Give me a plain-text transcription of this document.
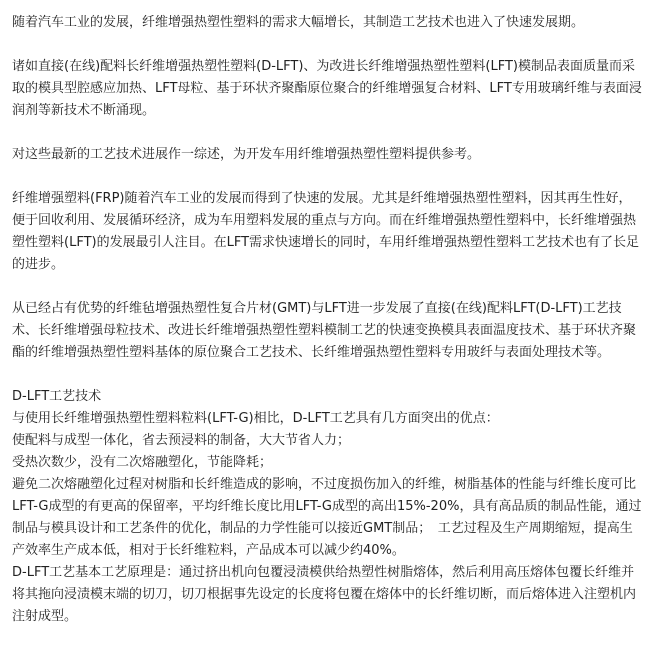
随着汽车工业的发展，纤维增强热塑性塑料的需求大幅增长，其制造工艺技术也进入了快速发展期。

诸如直接(在线)配料长纤维增强热塑性塑料(D-LFT)、为改进长纤维增强热塑性塑料(LFT)模制品表面质量而采取的模具型腔感应加热、LFT母粒、基于环状齐聚酯原位聚合的纤维增强复合材料、LFT专用玻璃纤维与表面浸润剂等新技术不断涌现。

对这些最新的工艺技术进展作一综述，为开发车用纤维增强热塑性塑料提供参考。

纤维增强塑料(FRP)随着汽车工业的发展而得到了快速的发展。尤其是纤维增强热塑性塑料，因其再生性好，便于回收利用、发展循环经济，成为车用塑料发展的重点与方向。而在纤维增强热塑性塑料中，长纤维增强热塑性塑料(LFT)的发展最引人注目。在LFT需求快速增长的同时，车用纤维增强热塑性塑料工艺技术也有了长足的进步。

从已经占有优势的纤维毡增强热塑性复合片材(GMT)与LFT进一步发展了直接(在线)配料LFT(D-LFT)工艺技术、长纤维增强母粒技术、改进长纤维增强热塑性塑料模制工艺的快速变换模具表面温度技术、基于环状齐聚酯的纤维增强热塑性塑料基体的原位聚合工艺技术、长纤维增强热塑性塑料专用玻纤与表面处理技术等。

D-LFT工艺技术
与使用长纤维增强热塑性塑料粒料(LFT-G)相比，D-LFT工艺具有几方面突出的优点：
使配料与成型一体化，省去预浸料的制备，大大节省人力；
受热次数少，没有二次熔融塑化，节能降耗；
避免二次熔融塑化过程对树脂和长纤维造成的影响，不过度损伤加入的纤维，树脂基体的性能与纤维长度可比LFT-G成型的有更高的保留率，平均纤维长度比用LFT-G成型的高出15%-20%，具有高品质的制品性能，通过制品与模具设计和工艺条件的优化，制品的力学性能可以接近GMT制品；　工艺过程及生产周期缩短，提高生产效率生产成本低，相对于长纤维粒料，产品成本可以减少约40%。
D-LFT工艺基本工艺原理是：通过挤出机向包覆浸渍模供给热塑性树脂熔体，然后利用高压熔体包覆长纤维并将其拖向浸渍模末端的切刀，切刀根据事先设定的长度将包覆在熔体中的长纤维切断，而后熔体进入注塑机内注射成型。
